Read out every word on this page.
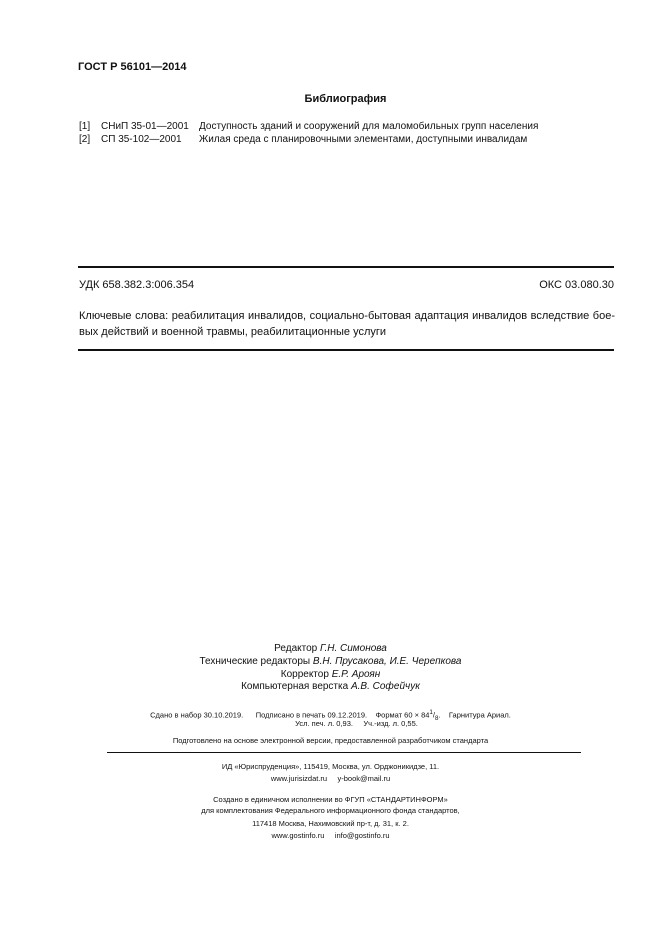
ГОСТ Р 56101—2014
Библиография
[1] СНиП 35-01—2001 Доступность зданий и сооружений для маломобильных групп населения
[2] СП 35-102—2001 Жилая среда с планировочными элементами, доступными инвалидам
УДК 658.382.3:006.354	ОКС 03.080.30
Ключевые слова: реабилитация инвалидов, социально-бытовая адаптация инвалидов вследствие боe-
вых действий и военной травмы, реабилитационные услуги
Редактор Г.Н. Симонова
Технические редакторы В.Н. Прусакова, И.Е. Черепкова
Корректор Е.Р. Ароян
Компьютерная верстка А.В. Софейчук
Сдано в набор 30.10.2019. Подписано в печать 09.12.2019. Формат $60 \times 84^1/_8$. Гарнитура Ариал.
Усл. печ. л. 0,93. Уч.-изд. л. 0,55.
Подготовлено на основе электронной версии, предоставленной разработчиком стандарта
ИД «Юриспруденция», 115419, Москва, ул. Орджоникидзе, 11.
www.jurisizdat.ru y-book@mail.ru
Создано в единичном исполнении во ФГУП «СТАНДАРТИНФОРМ»
для комплектования Федерального информационного фонда стандартов,
117418 Москва, Нахимовский пр-т, д. 31, к. 2.
www.gostinfo.ru info@gostinfo.ru
